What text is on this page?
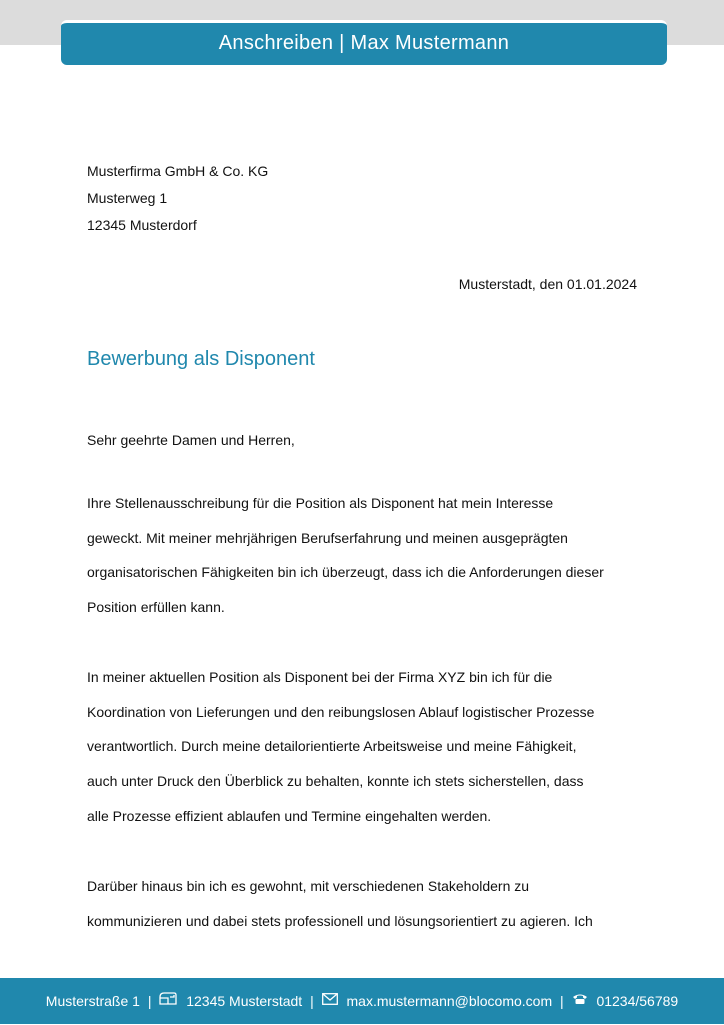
Anschreiben | Max Mustermann
Musterfirma GmbH & Co. KG
Musterweg 1
12345 Musterdorf
Musterstadt, den 01.01.2024
Bewerbung als Disponent
Sehr geehrte Damen und Herren,
Ihre Stellenausschreibung für die Position als Disponent hat mein Interesse
geweckt. Mit meiner mehrjährigen Berufserfahrung und meinen ausgeprägten
organisatorischen Fähigkeiten bin ich überzeugt, dass ich die Anforderungen dieser
Position erfüllen kann.
In meiner aktuellen Position als Disponent bei der Firma XYZ bin ich für die
Koordination von Lieferungen und den reibungslosen Ablauf logistischer Prozesse
verantwortlich. Durch meine detailorientierte Arbeitsweise und meine Fähigkeit,
auch unter Druck den Überblick zu behalten, konnte ich stets sicherstellen, dass
alle Prozesse effizient ablaufen und Termine eingehalten werden.
Darüber hinaus bin ich es gewohnt, mit verschiedenen Stakeholdern zu
kommunizieren und dabei stets professionell und lösungsorientiert zu agieren. Ich
Musterstraße 1 | 12345 Musterstadt | max.mustermann@blocomo.com | 01234/56789
